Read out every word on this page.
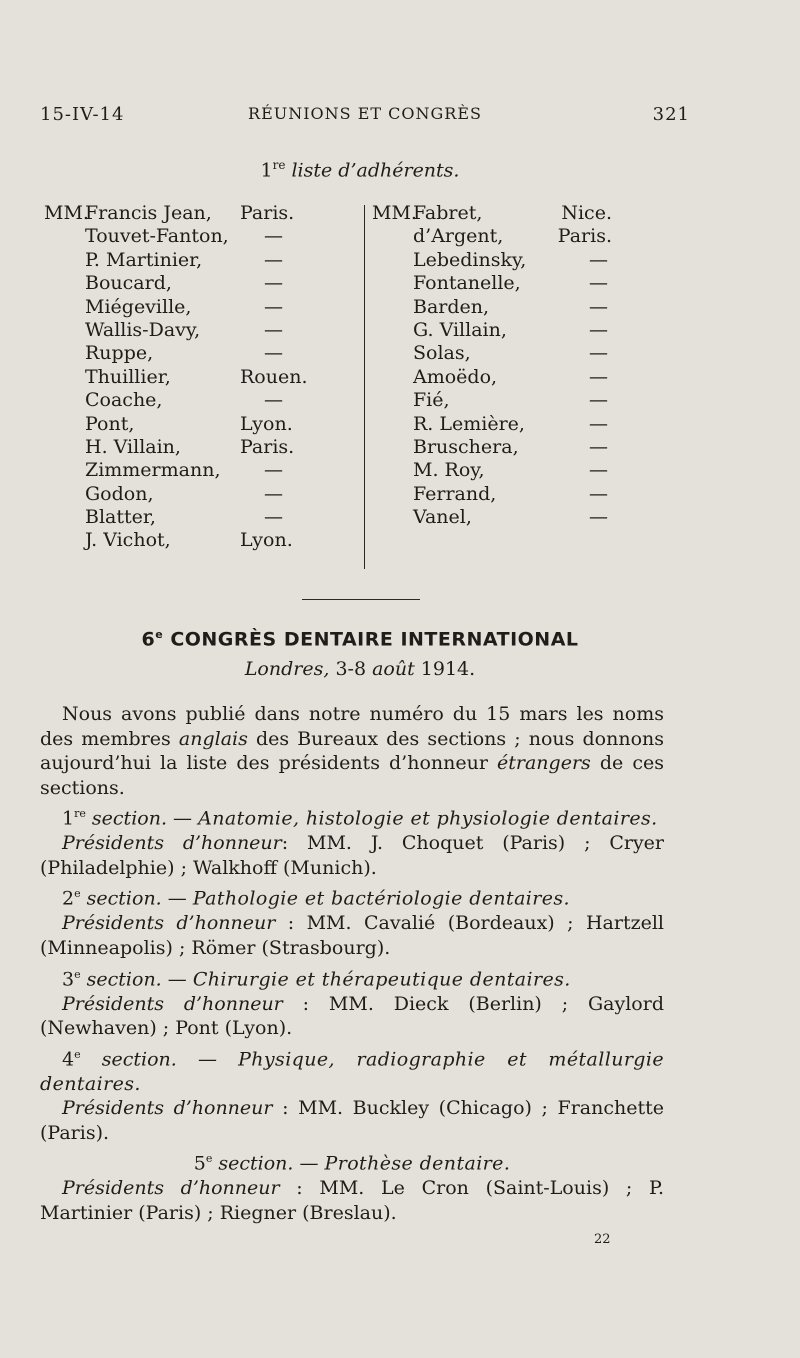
15-IV-14	RÉUNIONS ET CONGRÈS	321
1re liste d’adhérents.
MM.
Francis Jean, Paris.
Touvet-Fanton, —
P. Martinier,	—
Boucard,	—
Miégeville,	—
Wallis-Davy,	—
Ruppe,	—
Thuillier,	Rouen.
Coache,	—
Pont,	Lyon.
H. Villain,	Paris.
Zimmermann, —
Godon,	—
Blatter,	—
J. Vichot,	Lyon.
MM.
Fabret,	Nice.
d’Argent,	Paris.
Lebedinsky,	—
Fontanelle,	—
Barden,	—
G. Villain,	—
Solas,	—
Amoëdo,	—
Fié,	—
R. Lemière,	—
Bruschera,	—
M. Roy,	—
Ferrand,	—
Vanel,	—
6e CONGRÈS DENTAIRE INTERNATIONAL
Londres, 3-8 août 1914.

Nous avons publié dans notre numéro du 15 mars les noms des membres anglais des Bureaux des sections ; nous donnons aujourd’hui la liste des présidents d’honneur étrangers de ces sections.

1re section. — Anatomie, histologie et physiologie dentaires.

Présidents d’honneur: MM. J. Choquet (Paris) ; Cryer (Philadelphie) ; Walkhoff (Munich).

2e section. — Pathologie et bactériologie dentaires.

Présidents d’honneur : MM. Cavalié (Bordeaux) ; Hartzell (Minneapolis) ; Römer (Strasbourg).

3e section. — Chirurgie et thérapeutique dentaires.

Présidents d’honneur : MM. Dieck (Berlin) ; Gaylord (Newhaven) ; Pont (Lyon).

4e section. — Physique, radiographie et métallurgie dentaires.

Présidents d’honneur : MM. Buckley (Chicago) ; Franchette (Paris).

5e section. — Prothèse dentaire.

Présidents d’honneur : MM. Le Cron (Saint-Louis) ; P. Martinier (Paris) ; Riegner (Breslau).

22
